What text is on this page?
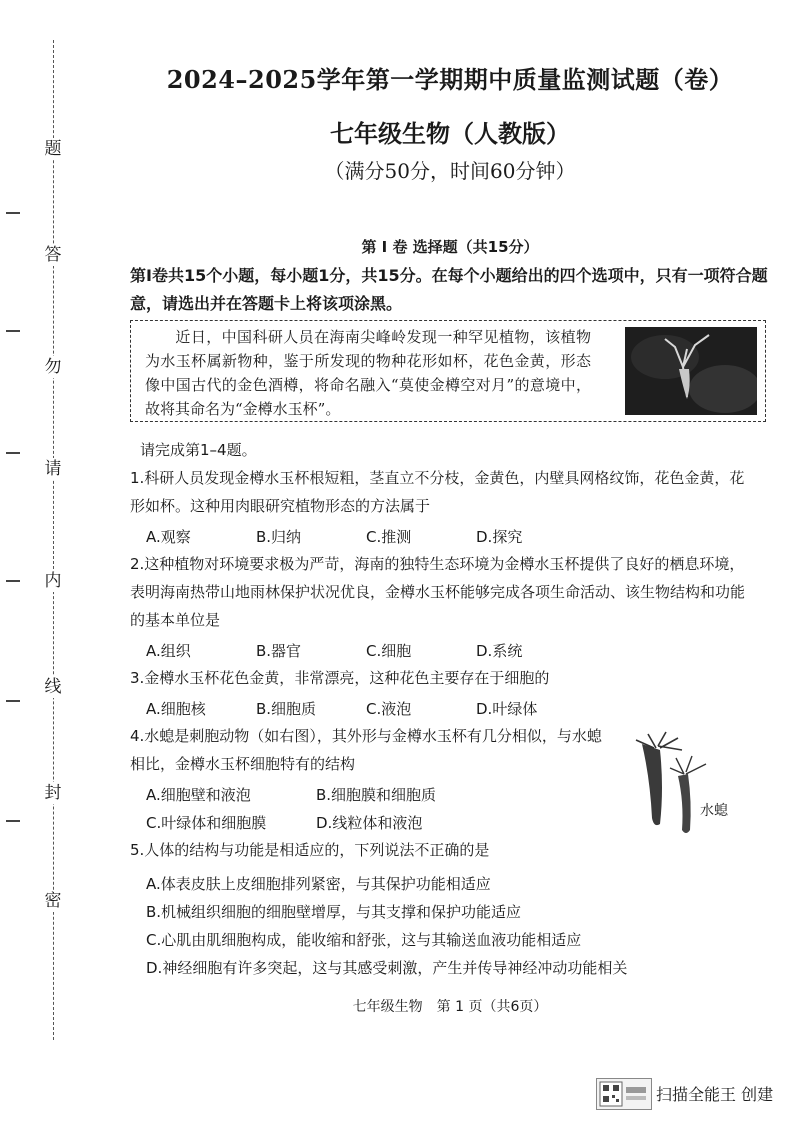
题
答
勿
请
内
线
封
密
2024–2025学年第一学期期中质量监测试题（卷）
七年级生物（人教版）
（满分50分，时间60分钟）
第 Ⅰ 卷 选择题（共15分）
第Ⅰ卷共15个小题，每小题1分，共15分。在每个小题给出的四个选项中，只有一项符合题意，请选出并在答题卡上将该项涂黑。
近日，中国科研人员在海南尖峰岭发现一种罕见植物，该植物为水玉杯属新物种，鉴于所发现的物种花形如杯，花色金黄，形态像中国古代的金色酒樽，将命名融入“莫使金樽空对月”的意境中，故将其命名为“金樽水玉杯”。
请完成第1–4题。
1.科研人员发现金樽水玉杯根短粗，茎直立不分枝，金黄色，内壁具网格纹饰，花色金黄，花形如杯。这种用肉眼研究植物形态的方法属于
A.观察	B.归纳	C.推测	D.探究
2.这种植物对环境要求极为严苛，海南的独特生态环境为金樽水玉杯提供了良好的栖息环境，表明海南热带山地雨林保护状况优良，金樽水玉杯能够完成各项生命活动、该生物结构和功能的基本单位是
A.组织	B.器官	C.细胞	D.系统
3.金樽水玉杯花色金黄，非常漂亮，这种花色主要存在于细胞的
A.细胞核	B.细胞质	C.液泡	D.叶绿体
4.水螅是刺胞动物（如右图），其外形与金樽水玉杯有几分相似，与水螅相比，金樽水玉杯细胞特有的结构
A.细胞壁和液泡	B.细胞膜和细胞质
C.叶绿体和细胞膜	D.线粒体和液泡
5.人体的结构与功能是相适应的，下列说法不正确的是
A.体表皮肤上皮细胞排列紧密，与其保护功能相适应
B.机械组织细胞的细胞壁增厚，与其支撑和保护功能适应
C.心肌由肌细胞构成，能收缩和舒张，这与其输送血液功能相适应
D.神经细胞有许多突起，这与其感受刺激，产生并传导神经冲动功能相关
七年级生物　第 1 页（共6页）
水螅
扫描全能王 创建
